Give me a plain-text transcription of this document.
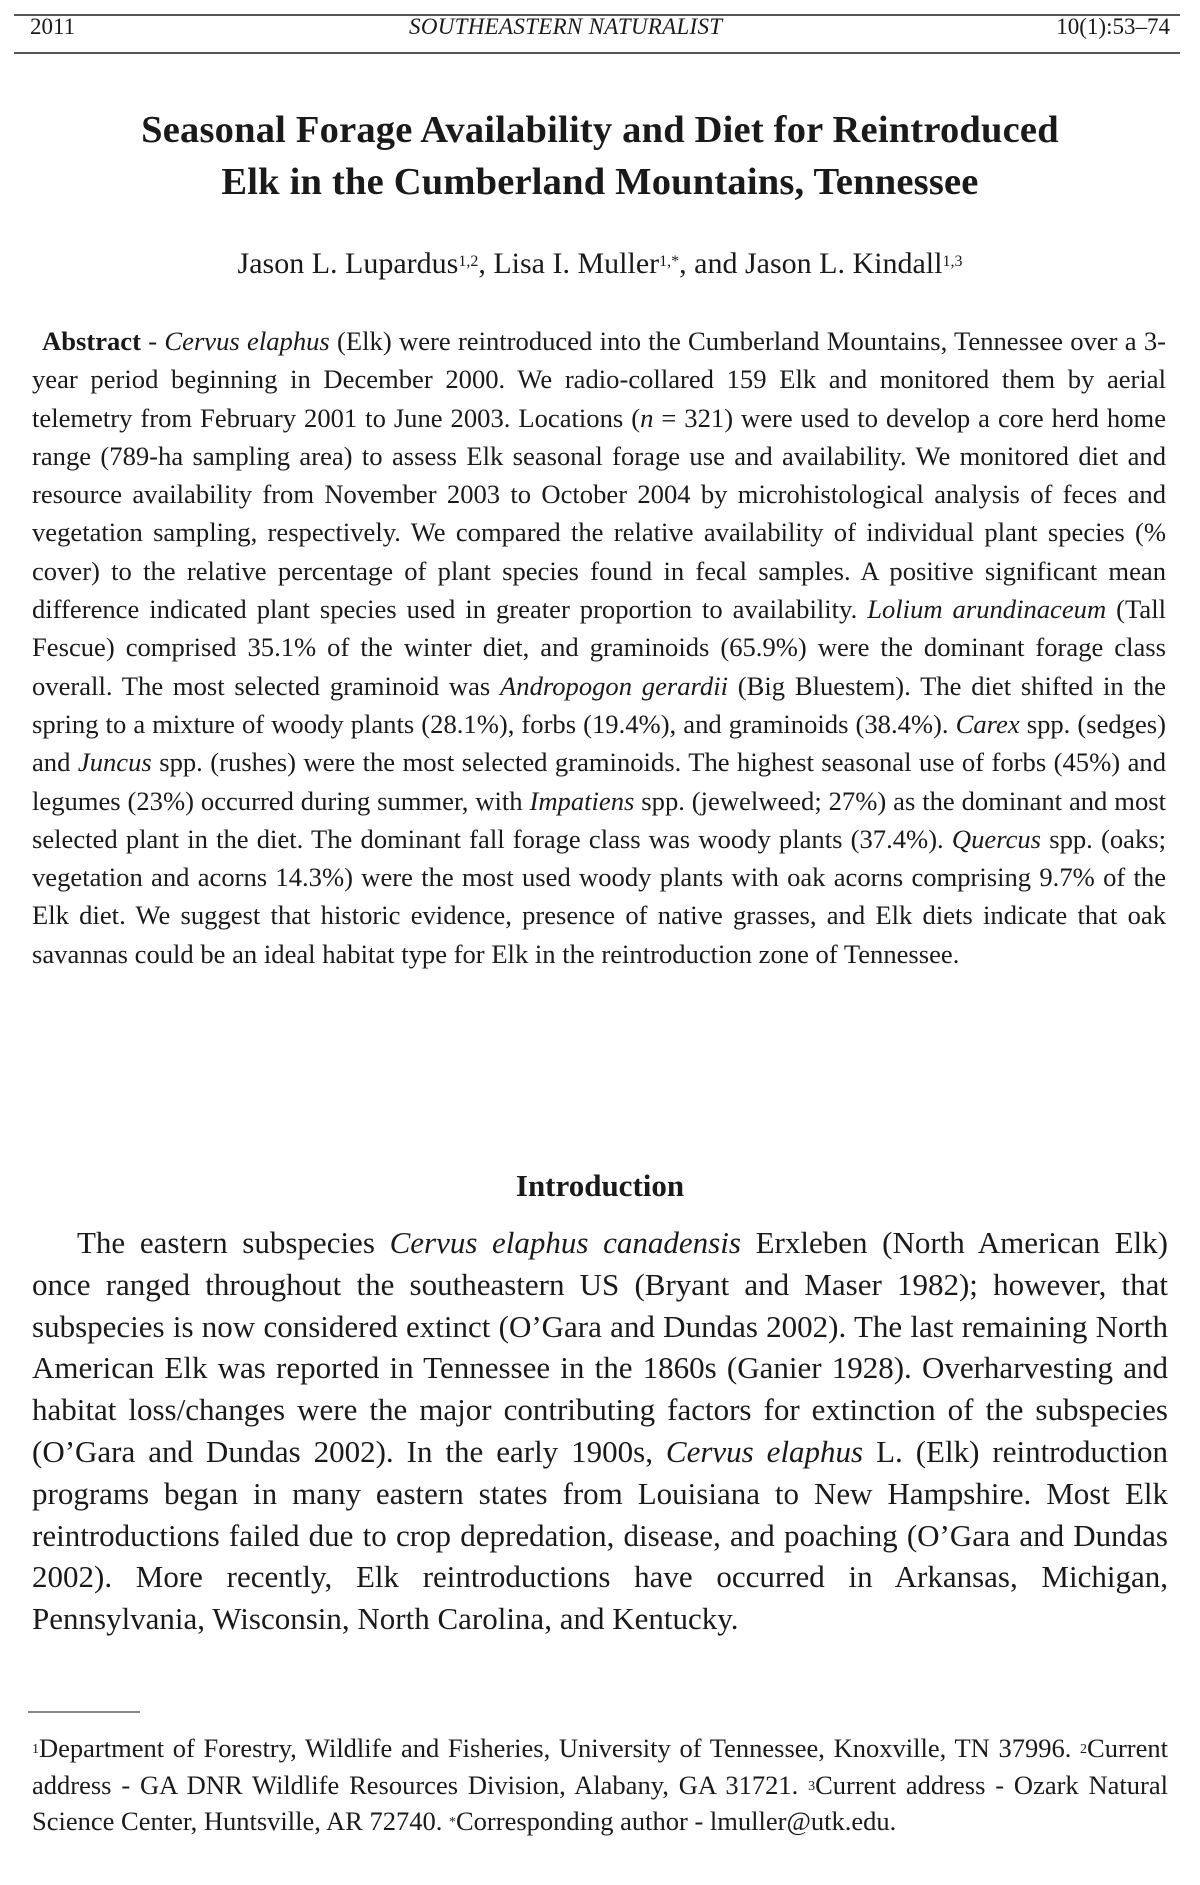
2011	SOUTHEASTERN NATURALIST	10(1):53–74
Seasonal Forage Availability and Diet for Reintroduced
Elk in the Cumberland Mountains, Tennessee
Jason L. Lupardus$^{1,2}$, Lisa I. Muller$^{1,*}$, and Jason L. Kindall$^{1,3}$
Abstract - Cervus elaphus (Elk) were reintroduced into the Cumberland Mountains, Tennessee over a 3-year period beginning in December 2000. We radio-collared 159 Elk and monitored them by aerial telemetry from February 2001 to June 2003. Locations (n = 321) were used to develop a core herd home range (789-ha sampling area) to assess Elk seasonal forage use and availability. We monitored diet and resource availability from November 2003 to October 2004 by microhistological analysis of feces and vegetation sampling, respectively. We compared the relative availability of individual plant species (% cover) to the relative percentage of plant species found in fecal samples. A positive significant mean difference indicated plant species used in greater proportion to availability. Lolium arundinaceum (Tall Fescue) comprised 35.1% of the winter diet, and graminoids (65.9%) were the dominant forage class overall. The most selected graminoid was Andropogon gerardii (Big Bluestem). The diet shifted in the spring to a mixture of woody plants (28.1%), forbs (19.4%), and graminoids (38.4%). Carex spp. (sedges) and Juncus spp. (rushes) were the most selected graminoids. The highest seasonal use of forbs (45%) and legumes (23%) occurred during summer, with Impatiens spp. (jewelweed; 27%) as the dominant and most selected plant in the diet. The dominant fall forage class was woody plants (37.4%). Quercus spp. (oaks; vegetation and acorns 14.3%) were the most used woody plants with oak acorns comprising 9.7% of the Elk diet. We suggest that historic evidence, presence of native grasses, and Elk diets indicate that oak savannas could be an ideal habitat type for Elk in the reintroduction zone of Tennessee.
Introduction
The eastern subspecies Cervus elaphus canadensis Erxleben (North American Elk) once ranged throughout the southeastern US (Bryant and Maser 1982); however, that subspecies is now considered extinct (O’Gara and Dundas 2002). The last remaining North American Elk was reported in Tennessee in the 1860s (Ganier 1928). Overharvesting and habitat loss/changes were the major contributing factors for extinction of the subspecies (O’Gara and Dundas 2002). In the early 1900s, Cervus elaphus L. (Elk) reintroduction programs began in many eastern states from Louisiana to New Hampshire. Most Elk reintroductions failed due to crop depredation, disease, and poaching (O’Gara and Dundas 2002). More recently, Elk reintroductions have occurred in Arkansas, Michigan, Pennsylvania, Wisconsin, North Carolina, and Kentucky.
$^1$Department of Forestry, Wildlife and Fisheries, University of Tennessee, Knoxville, TN 37996. $^2$Current address - GA DNR Wildlife Resources Division, Alabany, GA 31721. $^3$Current address - Ozark Natural Science Center, Huntsville, AR 72740. *Corresponding author - lmuller@utk.edu.
